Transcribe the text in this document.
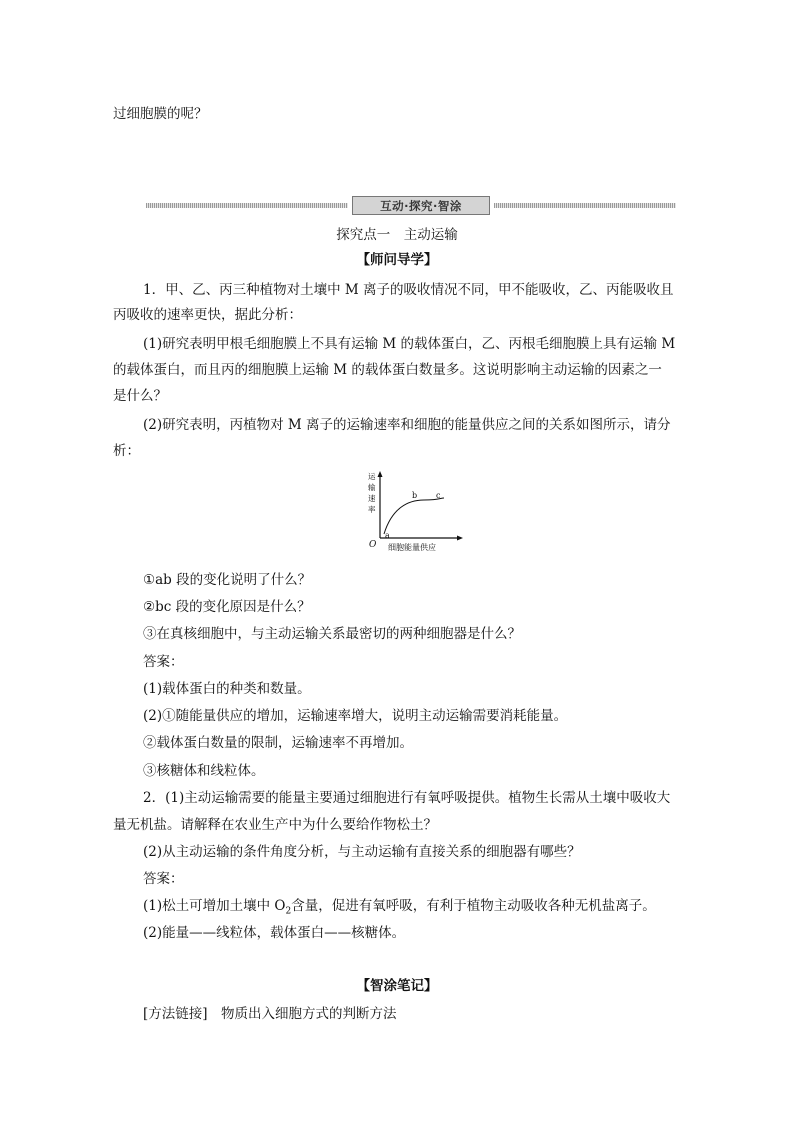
过细胞膜的呢？
互动·探究·智涂
探究点一　主动运输
【师问导学】
1．甲、乙、丙三种植物对土壤中 M 离子的吸收情况不同，甲不能吸收，乙、丙能吸收且
丙吸收的速率更快，据此分析：
(1)研究表明甲根毛细胞膜上不具有运输 M 的载体蛋白，乙、丙根毛细胞膜上具有运输 M
的载体蛋白，而且丙的细胞膜上运输 M 的载体蛋白数量多。这说明影响主动运输的因素之一
是什么？
(2)研究表明，丙植物对 M 离子的运输速率和细胞的能量供应之间的关系如图所示，请分
析：
运
输
速
率
O
a
b c
细胞能量供应
①ab 段的变化说明了什么？
②bc 段的变化原因是什么？
③在真核细胞中，与主动运输关系最密切的两种细胞器是什么？
答案：
(1)载体蛋白的种类和数量。
(2)①随能量供应的增加，运输速率增大，说明主动运输需要消耗能量。
②载体蛋白数量的限制，运输速率不再增加。
③核糖体和线粒体。
2．(1)主动运输需要的能量主要通过细胞进行有氧呼吸提供。植物生长需从土壤中吸收大
量无机盐。请解释在农业生产中为什么要给作物松土？
(2)从主动运输的条件角度分析，与主动运输有直接关系的细胞器有哪些？
答案：
(1)松土可增加土壤中 $O_2$含量，促进有氧呼吸，有利于植物主动吸收各种无机盐离子。
(2)能量——线粒体，载体蛋白——核糖体。
【智涂笔记】
[方法链接]　物质出入细胞方式的判断方法
